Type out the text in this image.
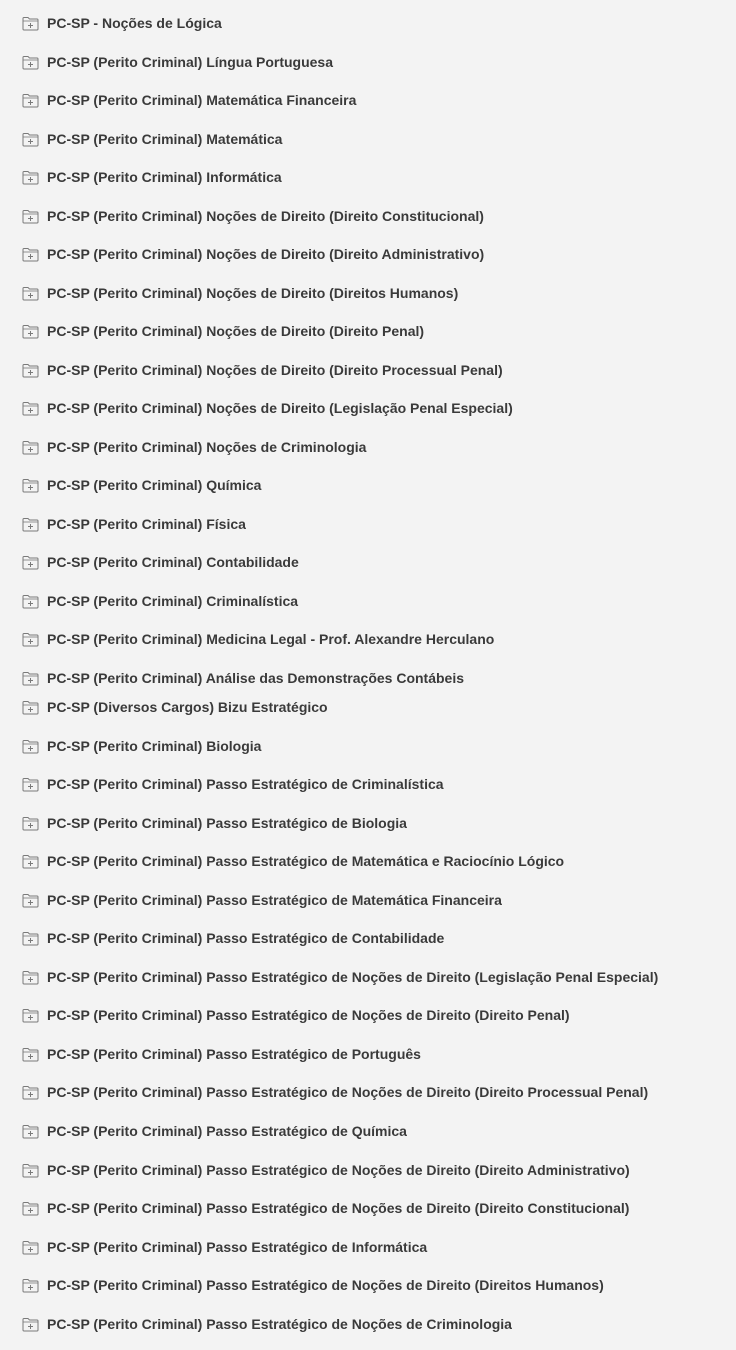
PC-SP - Noções de Lógica
PC-SP (Perito Criminal) Língua Portuguesa
PC-SP (Perito Criminal) Matemática Financeira
PC-SP (Perito Criminal) Matemática
PC-SP (Perito Criminal) Informática
PC-SP (Perito Criminal) Noções de Direito (Direito Constitucional)
PC-SP (Perito Criminal) Noções de Direito (Direito Administrativo)
PC-SP (Perito Criminal) Noções de Direito (Direitos Humanos)
PC-SP (Perito Criminal) Noções de Direito (Direito Penal)
PC-SP (Perito Criminal) Noções de Direito (Direito Processual Penal)
PC-SP (Perito Criminal) Noções de Direito (Legislação Penal Especial)
PC-SP (Perito Criminal) Noções de Criminologia
PC-SP (Perito Criminal) Química
PC-SP (Perito Criminal) Física
PC-SP (Perito Criminal) Contabilidade
PC-SP (Perito Criminal) Criminalística
PC-SP (Perito Criminal) Medicina Legal - Prof. Alexandre Herculano
PC-SP (Perito Criminal) Análise das Demonstrações Contábeis
PC-SP (Diversos Cargos) Bizu Estratégico
PC-SP (Perito Criminal) Biologia
PC-SP (Perito Criminal) Passo Estratégico de Criminalística
PC-SP (Perito Criminal) Passo Estratégico de Biologia
PC-SP (Perito Criminal) Passo Estratégico de Matemática e Raciocínio Lógico
PC-SP (Perito Criminal) Passo Estratégico de Matemática Financeira
PC-SP (Perito Criminal) Passo Estratégico de Contabilidade
PC-SP (Perito Criminal) Passo Estratégico de Noções de Direito (Legislação Penal Especial)
PC-SP (Perito Criminal) Passo Estratégico de Noções de Direito (Direito Penal)
PC-SP (Perito Criminal) Passo Estratégico de Português
PC-SP (Perito Criminal) Passo Estratégico de Noções de Direito (Direito Processual Penal)
PC-SP (Perito Criminal) Passo Estratégico de Química
PC-SP (Perito Criminal) Passo Estratégico de Noções de Direito (Direito Administrativo)
PC-SP (Perito Criminal) Passo Estratégico de Noções de Direito (Direito Constitucional)
PC-SP (Perito Criminal) Passo Estratégico de Informática
PC-SP (Perito Criminal) Passo Estratégico de Noções de Direito (Direitos Humanos)
PC-SP (Perito Criminal) Passo Estratégico de Noções de Criminologia
